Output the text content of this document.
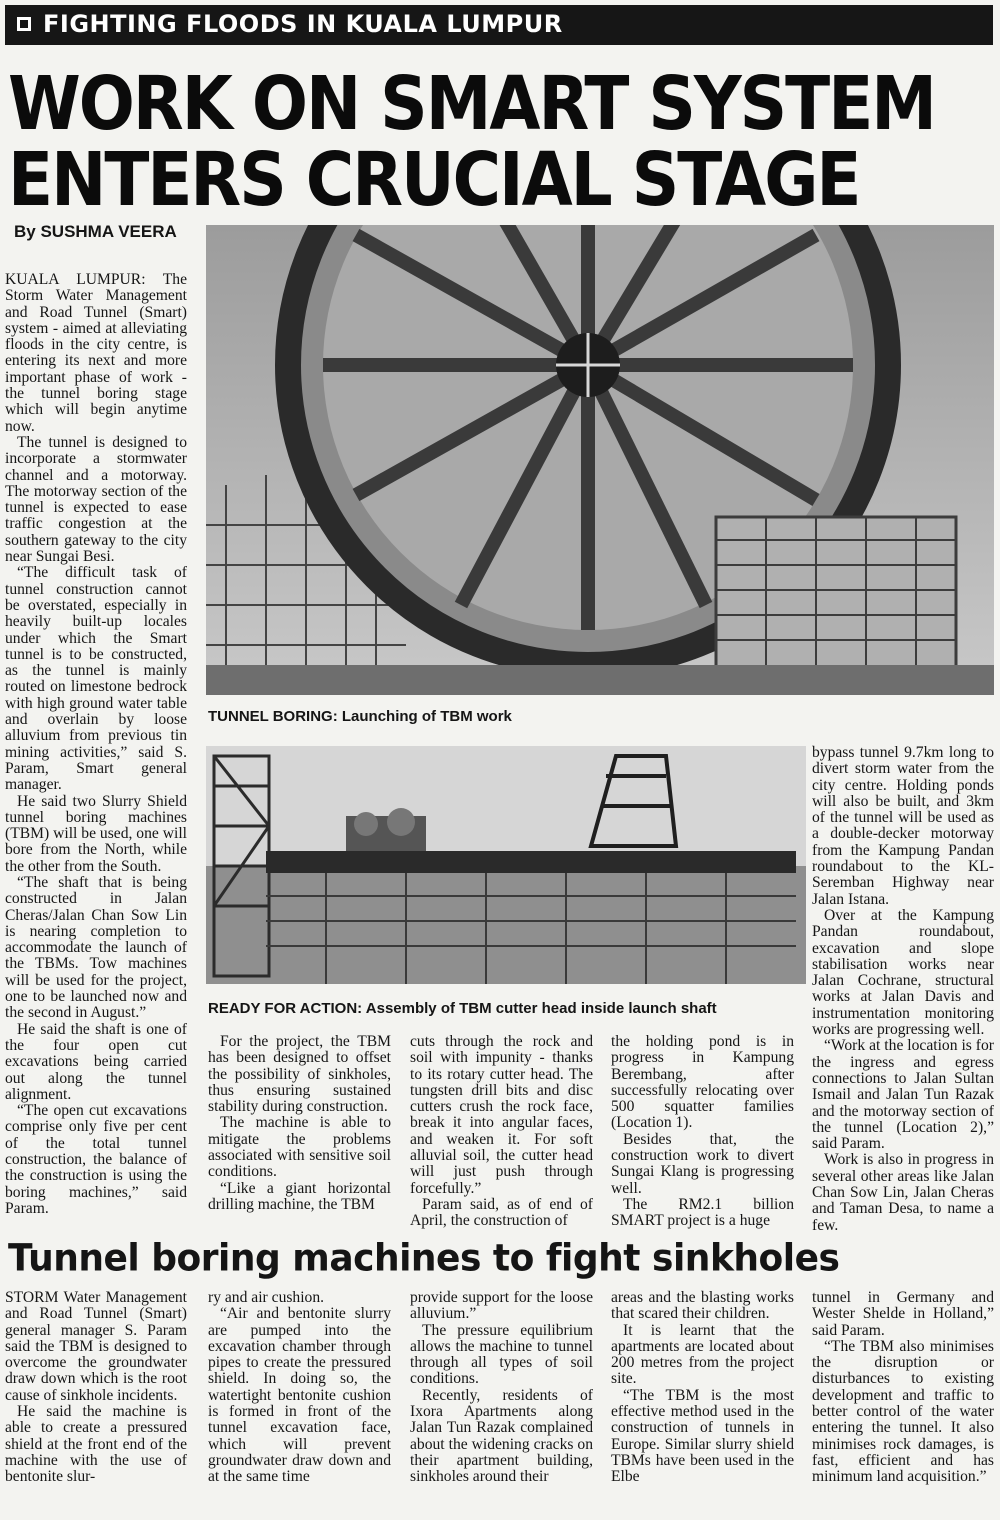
FIGHTING FLOODS IN KUALA LUMPUR
WORK ON SMART SYSTEM
ENTERS CRUCIAL STAGE
By SUSHMA VEERA
TUNNEL BORING: Launching of TBM work
READY FOR ACTION: Assembly of TBM cutter head inside launch shaft

KUALA LUMPUR: The Storm Water Management and Road Tunnel (Smart) system - aimed at alleviating floods in the city centre, is entering its next and more important phase of work - the tunnel boring stage which will begin anytime now.

The tunnel is designed to incorporate a stormwater channel and a motorway. The motorway section of the tunnel is expected to ease traffic congestion at the southern gateway to the city near Sungai Besi.

“The difficult task of tunnel construction cannot be overstated, especially in heavily built-up locales under which the Smart tunnel is to be constructed, as the tunnel is mainly routed on limestone bedrock with high ground water table and overlain by loose alluvium from previous tin mining activities,” said S. Param, Smart general manager.

He said two Slurry Shield tunnel boring machines (TBM) will be used, one will bore from the North, while the other from the South.

“The shaft that is being constructed in Jalan Cheras/Jalan Chan Sow Lin is nearing completion to accommodate the launch of the TBMs. Tow machines will be used for the project, one to be launched now and the second in August.”

He said the shaft is one of the four open cut excavations being carried out along the tunnel alignment.

“The open cut excavations comprise only five per cent of the total tunnel construction, the balance of the construction is using the boring machines,” said Param.

For the project, the TBM has been designed to offset the possibility of sinkholes, thus ensuring sustained stability during construction.

The machine is able to mitigate the problems associated with sensitive soil conditions.

“Like a giant horizontal drilling machine, the TBM

cuts through the rock and soil with impunity - thanks to its rotary cutter head. The tungsten drill bits and disc cutters crush the rock face, break it into angular faces, and weaken it. For soft alluvial soil, the cutter head will just push through forcefully.”

Param said, as of end of April, the construction of

the holding pond is in progress in Kampung Berembang, after successfully relocating over 500 squatter families (Location 1).

Besides that, the construction work to divert Sungai Klang is progressing well.

The RM2.1 billion SMART project is a huge

bypass tunnel 9.7km long to divert storm water from the city centre. Holding ponds will also be built, and 3km of the tunnel will be used as a double-decker motorway from the Kampung Pandan roundabout to the KL-Seremban Highway near Jalan Istana.

Over at the Kampung Pandan roundabout, excavation and slope stabilisation works near Jalan Cochrane, structural works at Jalan Davis and instrumentation monitoring works are progressing well.

“Work at the location is for the ingress and egress connections to Jalan Sultan Ismail and Jalan Tun Razak and the motorway section of the tunnel (Location 2),” said Param.

Work is also in progress in several other areas like Jalan Chan Sow Lin, Jalan Cheras and Taman Desa, to name a few.

Tunnel boring machines to fight sinkholes

STORM Water Management and Road Tunnel (Smart) general manager S. Param said the TBM is designed to overcome the groundwater draw down which is the root cause of sinkhole incidents.

He said the machine is able to create a pressured shield at the front end of the machine with the use of bentonite slur-

ry and air cushion.

“Air and bentonite slurry are pumped into the excavation chamber through pipes to create the pressured shield. In doing so, the watertight bentonite cushion is formed in front of the tunnel excavation face, which will prevent groundwater draw down and at the same time

provide support for the loose alluvium.”

The pressure equilibrium allows the machine to tunnel through all types of soil conditions.

Recently, residents of Ixora Apartments along Jalan Tun Razak complained about the widening cracks on their apartment building, sinkholes around their

areas and the blasting works that scared their children.

It is learnt that the apartments are located about 200 metres from the project site.

“The TBM is the most effective method used in the construction of tunnels in Europe. Similar slurry shield TBMs have been used in the Elbe

tunnel in Germany and Wester Shelde in Holland,” said Param.

“The TBM also minimises the disruption or disturbances to existing development and traffic to better control of the water entering the tunnel. It also minimises rock damages, is fast, efficient and has minimum land acquisition.”
